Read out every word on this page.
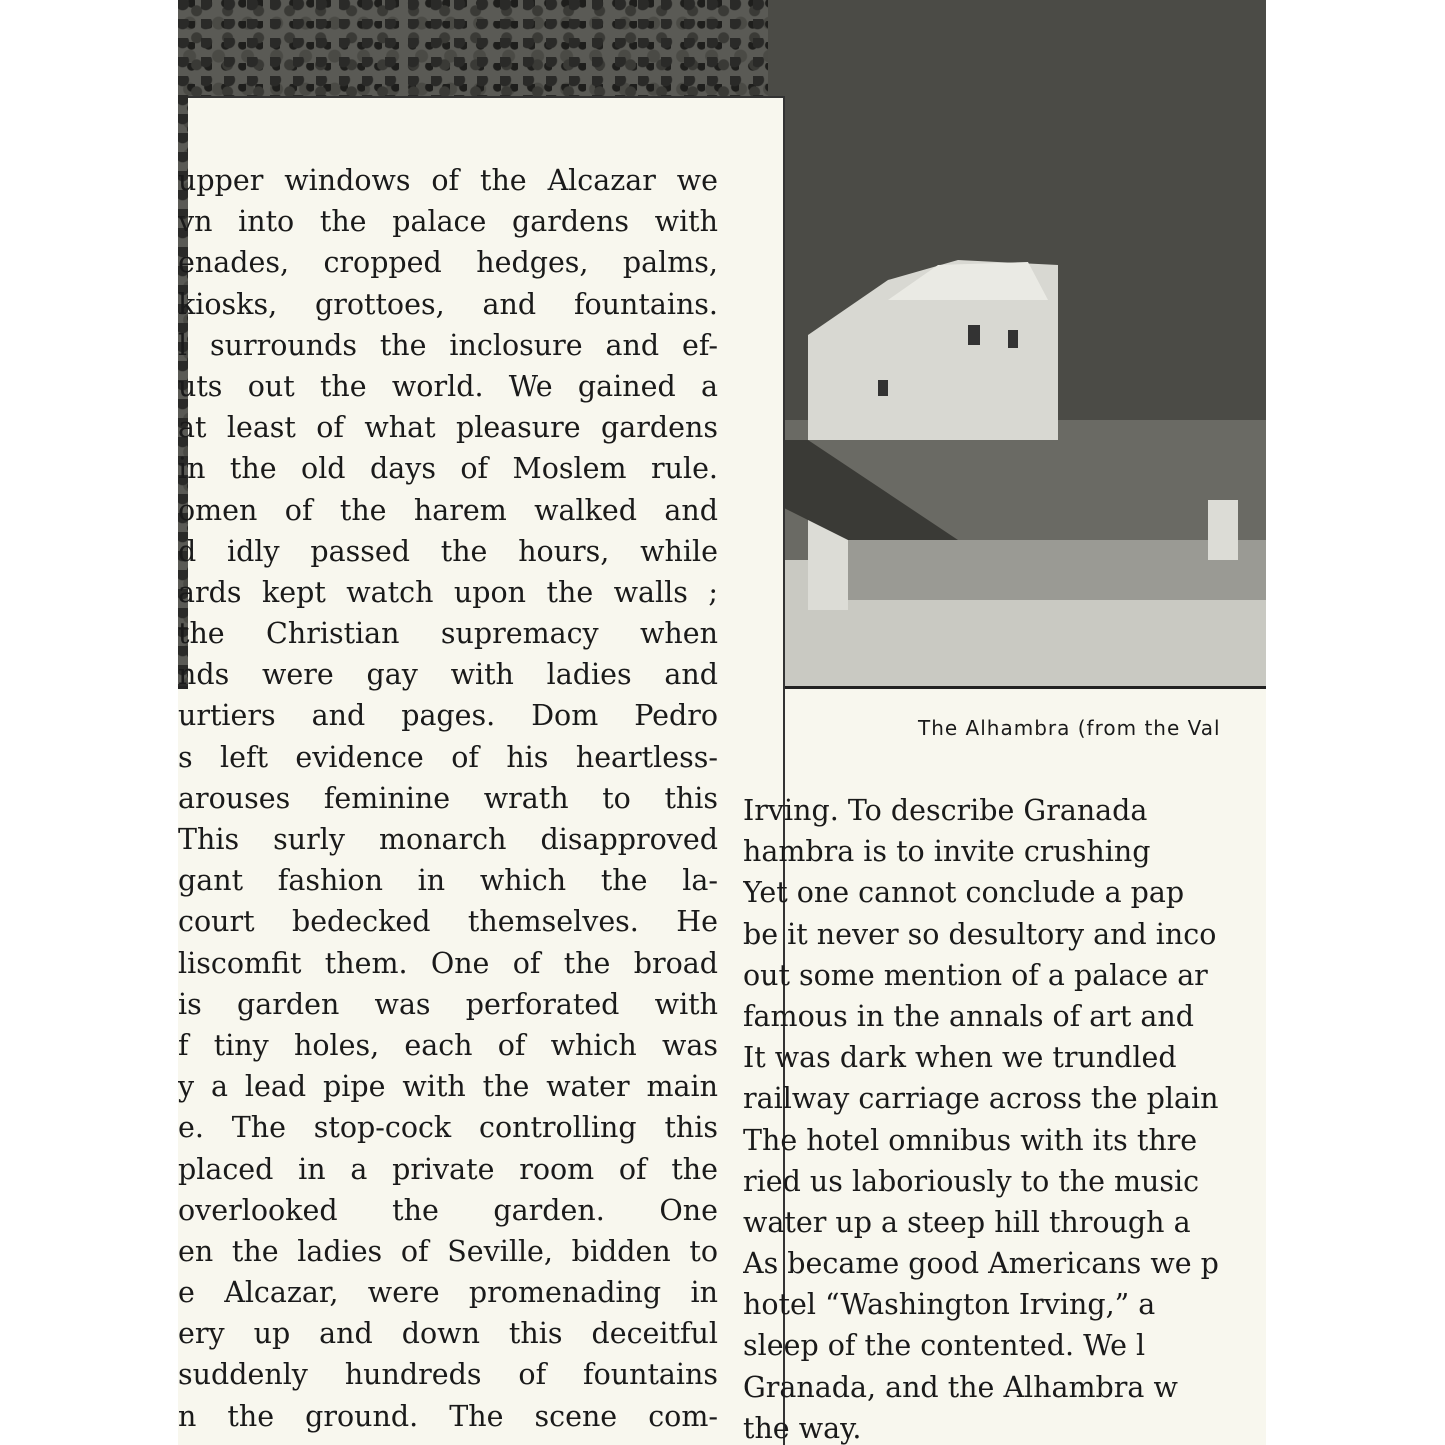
upper windows of the Alcazar we
vn into the palace gardens with
enades, cropped hedges, palms,
kiosks, grottoes, and fountains.
l surrounds the inclosure and ef-
uts out the world. We gained a
at least of what pleasure gardens
in the old days of Moslem rule.
omen of the harem walked and
d idly passed the hours, while
ards kept watch upon the walls ;
the Christian supremacy when
nds were gay with ladies and
urtiers and pages. Dom Pedro
s left evidence of his heartless-
arouses feminine wrath to this
This surly monarch disapproved
gant fashion in which the la-
court bedecked themselves. He
liscomfit them. One of the broad
is garden was perforated with
f tiny holes, each of which was
y a lead pipe with the water main
e. The stop-cock controlling this
placed in a private room of the
overlooked the garden. One
en the ladies of Seville, bidden to
e Alcazar, were promenading in
ery up and down this deceitful
suddenly hundreds of fountains
n the ground. The scene com-
The Alhambra (from the Val
Irving. To describe Granada
hambra is to invite crushing
Yet one cannot conclude a pap
be it never so desultory and inco
out some mention of a palace ar
famous in the annals of art and
It was dark when we trundled
railway carriage across the plain
The hotel omnibus with its thre
ried us laboriously to the music
water up a steep hill through a
As became good Americans we p
hotel “Washington Irving,” a
sleep of the contented. We l
Granada, and the Alhambra w
the way.
